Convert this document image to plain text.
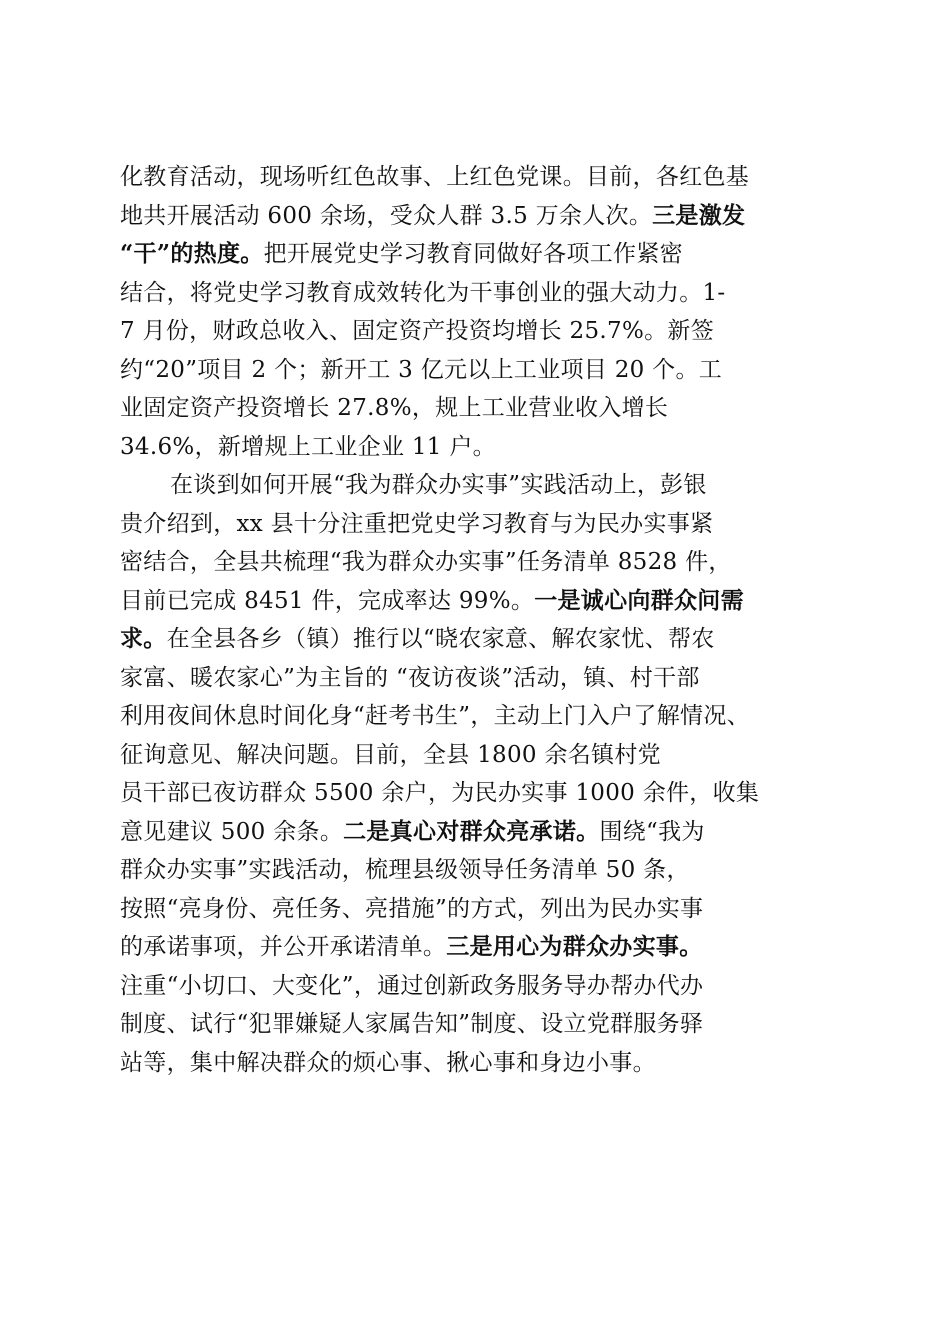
化教育活动，现场听红色故事、上红色党课。目前，各红色基
地共开展活动 600 余场，受众人群 3.5 万余人次。三是激发
“干”的热度。把开展党史学习教育同做好各项工作紧密
结合，将党史学习教育成效转化为干事创业的强大动力。1-
7 月份，财政总收入、固定资产投资均增长 25.7%。新签
约“20”项目 2 个；新开工 3 亿元以上工业项目 20 个。工
业固定资产投资增长 27.8%，规上工业营业收入增长
34.6%，新增规上工业企业 11 户。
在谈到如何开展“我为群众办实事”实践活动上，彭银
贵介绍到，xx 县十分注重把党史学习教育与为民办实事紧
密结合，全县共梳理“我为群众办实事”任务清单 8528 件，
目前已完成 8451 件，完成率达 99%。一是诚心向群众问需
求。在全县各乡（镇）推行以“晓农家意、解农家忧、帮农
家富、暖农家心”为主旨的 “夜访夜谈”活动，镇、村干部
利用夜间休息时间化身“赶考书生”，主动上门入户了解情况、
征询意见、解决问题。目前，全县 1800 余名镇村党
员干部已夜访群众 5500 余户，为民办实事 1000 余件，收集
意见建议 500 余条。二是真心对群众亮承诺。围绕“我为
群众办实事”实践活动，梳理县级领导任务清单 50 条，
按照“亮身份、亮任务、亮措施”的方式，列出为民办实事
的承诺事项，并公开承诺清单。三是用心为群众办实事。
注重“小切口、大变化”，通过创新政务服务导办帮办代办
制度、试行“犯罪嫌疑人家属告知”制度、设立党群服务驿
站等，集中解决群众的烦心事、揪心事和身边小事。
